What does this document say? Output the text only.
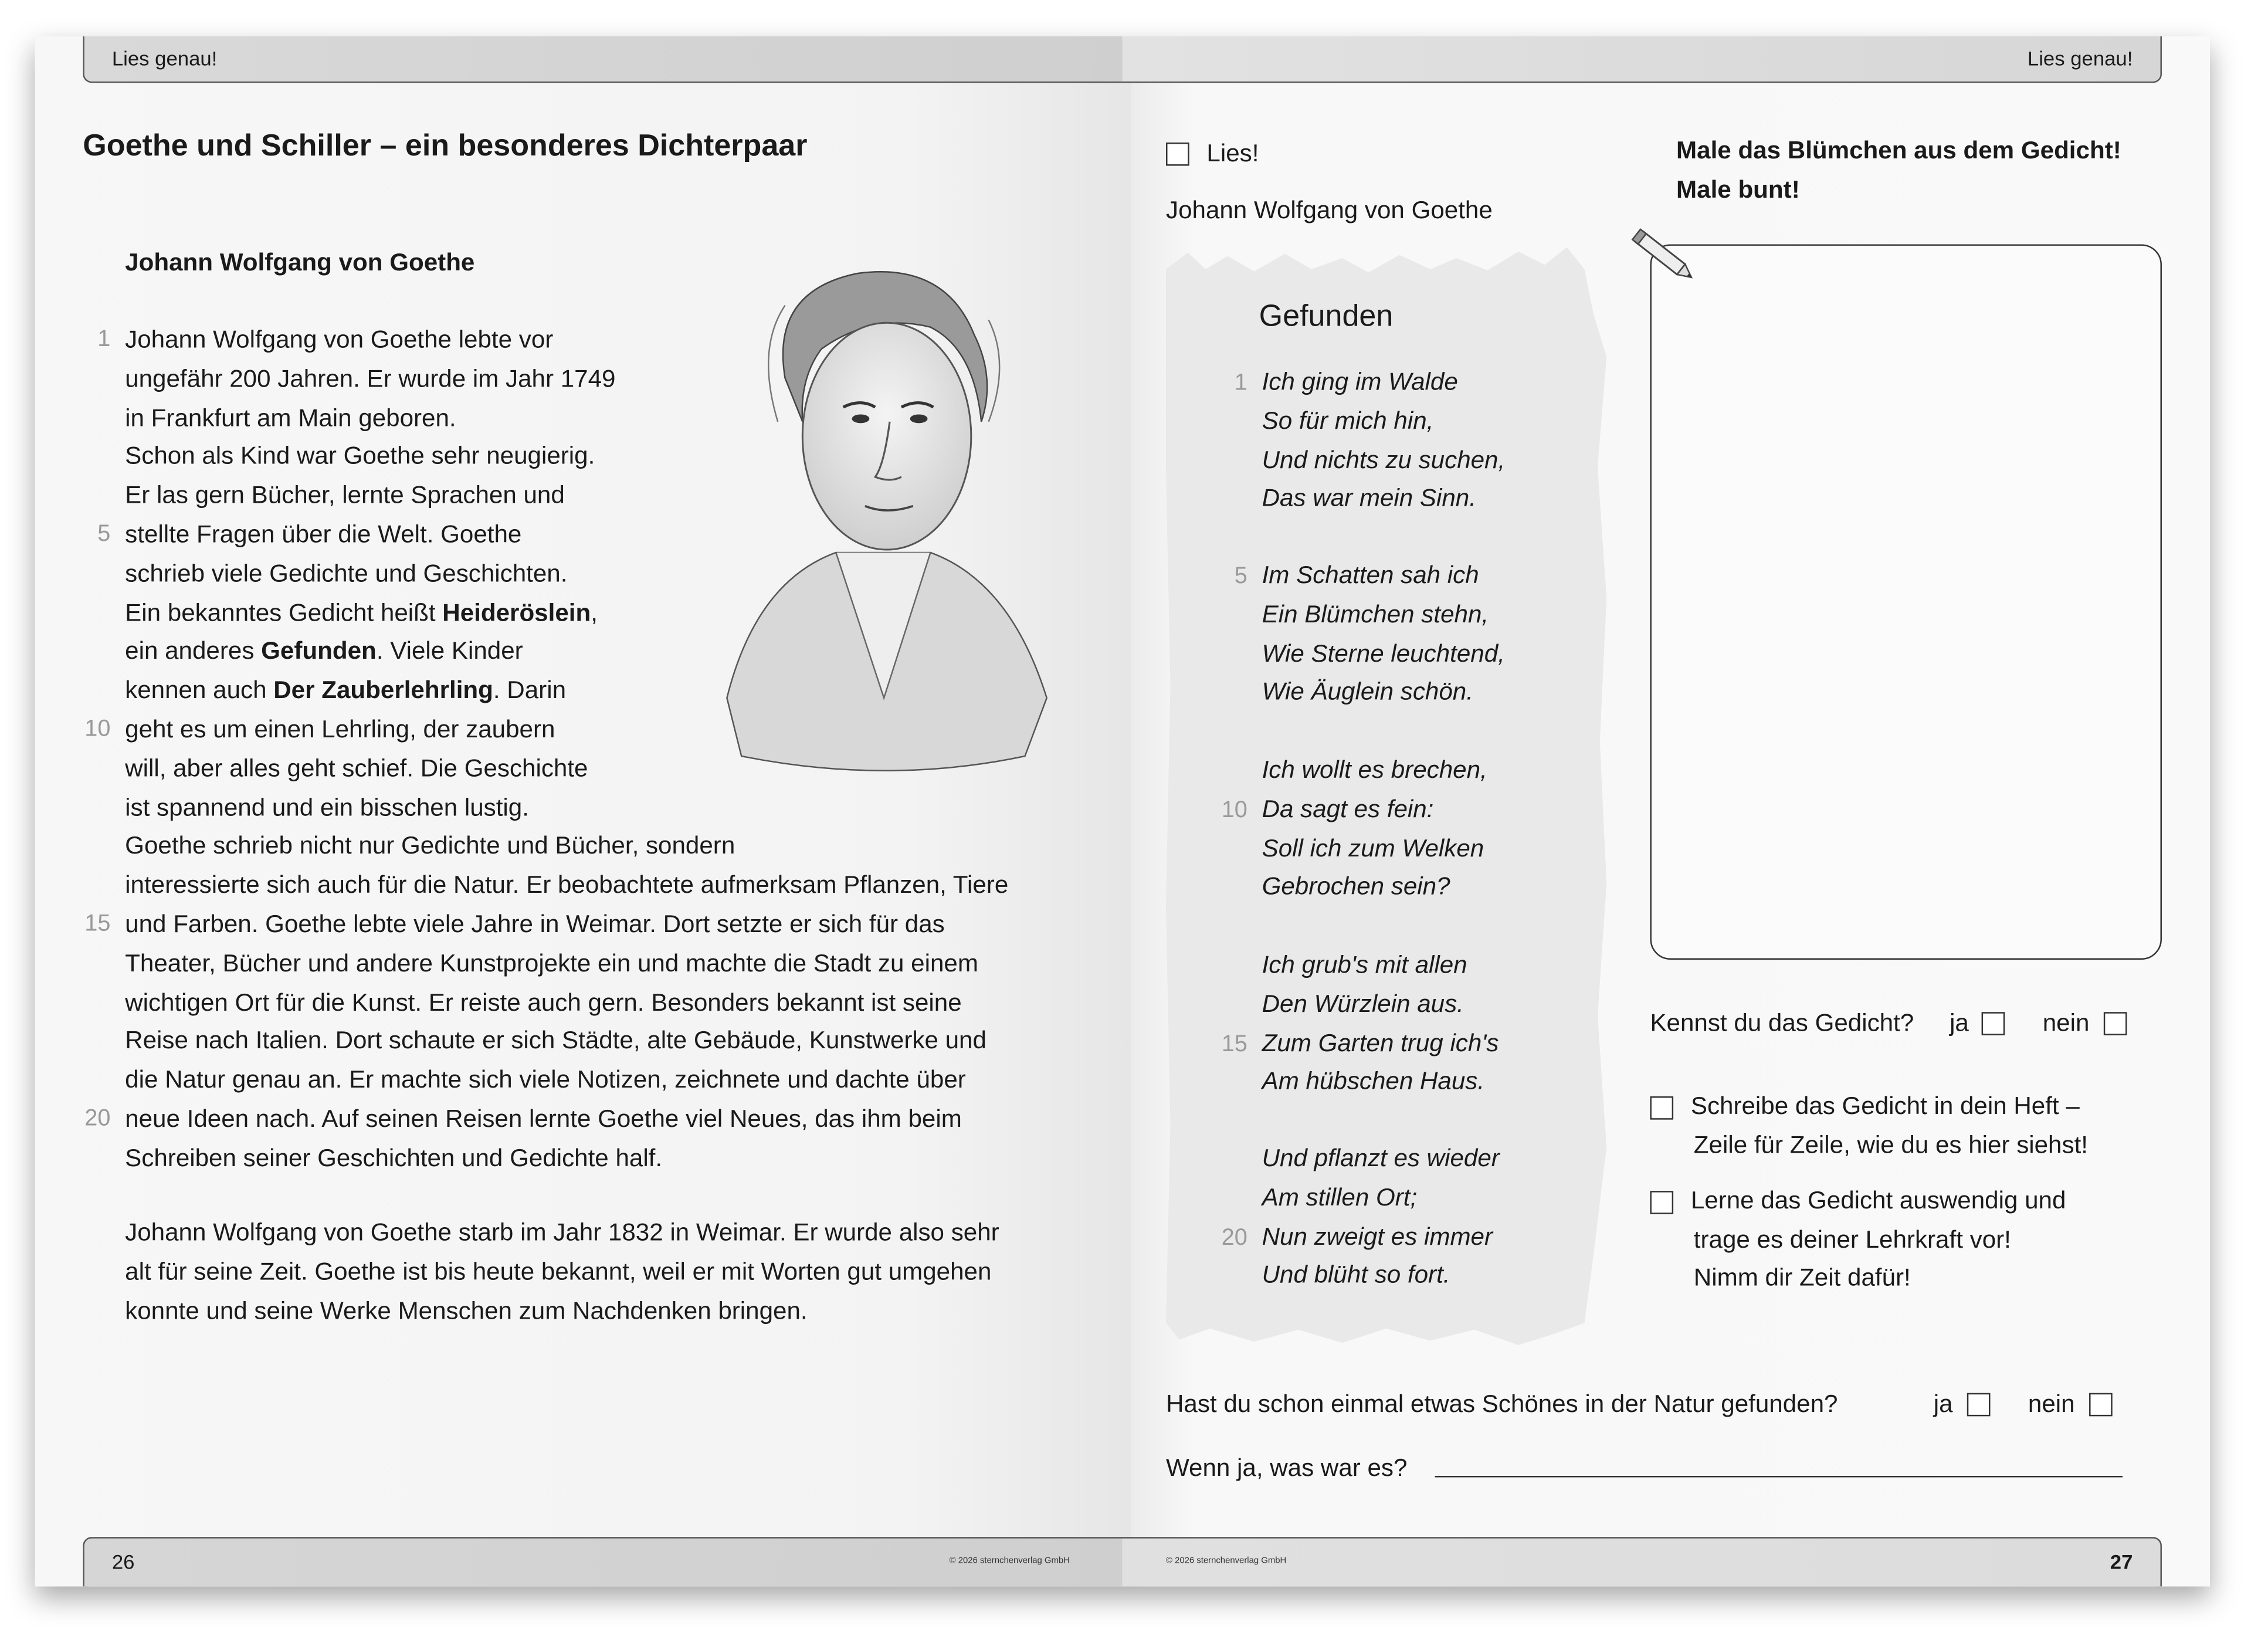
Lies genau!	Lies genau!
26	© 2026 sternchenverlag GmbH	© 2026 sternchenverlag GmbH	27
Goethe und Schiller – ein besonderes Dichterpaar
Johann Wolfgang von Goethe
1 Johann Wolfgang von Goethe lebte vor
ungefähr 200 Jahren. Er wurde im Jahr 1749
in Frankfurt am Main geboren.
Schon als Kind war Goethe sehr neugierig.
Er las gern Bücher, lernte Sprachen und
5 stellte Fragen über die Welt. Goethe
schrieb viele Gedichte und Geschichten.
Ein bekanntes Gedicht heißt Heideröslein,
ein anderes Gefunden. Viele Kinder
kennen auch Der Zauberlehrling. Darin
10 geht es um einen Lehrling, der zaubern
will, aber alles geht schief. Die Geschichte
ist spannend und ein bisschen lustig.
Goethe schrieb nicht nur Gedichte und Bücher, sondern
interessierte sich auch für die Natur. Er beobachtete aufmerksam Pflanzen, Tiere
15 und Farben. Goethe lebte viele Jahre in Weimar. Dort setzte er sich für das
Theater, Bücher und andere Kunstprojekte ein und machte die Stadt zu einem
wichtigen Ort für die Kunst. Er reiste auch gern. Besonders bekannt ist seine
Reise nach Italien. Dort schaute er sich Städte, alte Gebäude, Kunstwerke und
die Natur genau an. Er machte sich viele Notizen, zeichnete und dachte über
20 neue Ideen nach. Auf seinen Reisen lernte Goethe viel Neues, das ihm beim
Schreiben seiner Geschichten und Gedichte half.
Johann Wolfgang von Goethe starb im Jahr 1832 in Weimar. Er wurde also sehr
alt für seine Zeit. Goethe ist bis heute bekannt, weil er mit Worten gut umgehen
konnte und seine Werke Menschen zum Nachdenken bringen.
Lies!
Johann Wolfgang von Goethe
Gefunden
1 Ich ging im Walde
So für mich hin,
Und nichts zu suchen,
Das war mein Sinn.
5 Im Schatten sah ich
Ein Blümchen stehn,
Wie Sterne leuchtend,
Wie Äuglein schön.
Ich wollt es brechen,
10 Da sagt es fein:
Soll ich zum Welken
Gebrochen sein?
Ich grub's mit allen
Den Würzlein aus.
15 Zum Garten trug ich's
Am hübschen Haus.
Und pflanzt es wieder
Am stillen Ort;
20 Nun zweigt es immer
Und blüht so fort.
Male das Blümchen aus dem Gedicht!
Male bunt!
Kennst du das Gedicht?	ja	nein
Schreibe das Gedicht in dein Heft –
Zeile für Zeile, wie du es hier siehst!
Lerne das Gedicht auswendig und
trage es deiner Lehrkraft vor!
Nimm dir Zeit dafür!
Hast du schon einmal etwas Schönes in der Natur gefunden?	ja	nein
Wenn ja, was war es?
